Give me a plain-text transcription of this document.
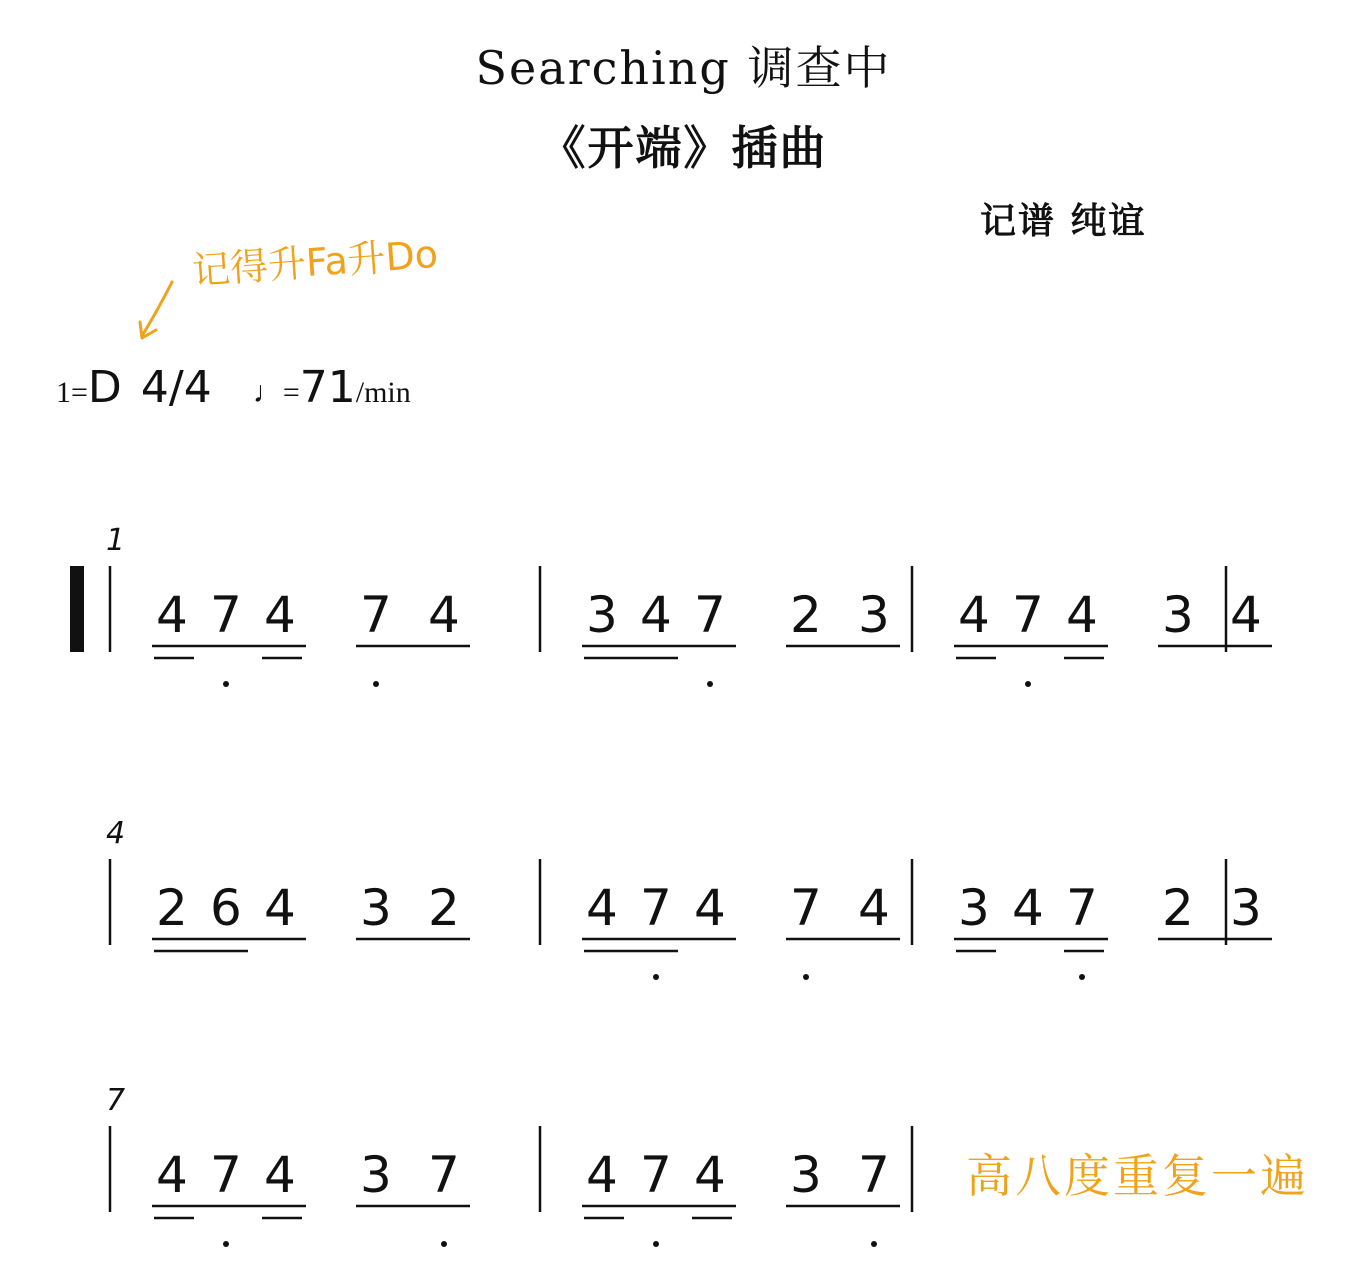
Searching 调查中
《开端》插曲
记谱 纯谊
记得升Fa升Do
1=D 4/4 ♩=71/min
1
4 7 4 7 4	3 4 7 2 3 4 7 4 3 4
4
2 6 4 3 2	4 7 4 7 4 3 4 7 2 3
7
4 7 4 3 7	4 7 4 3 7 高八度重复一遍
